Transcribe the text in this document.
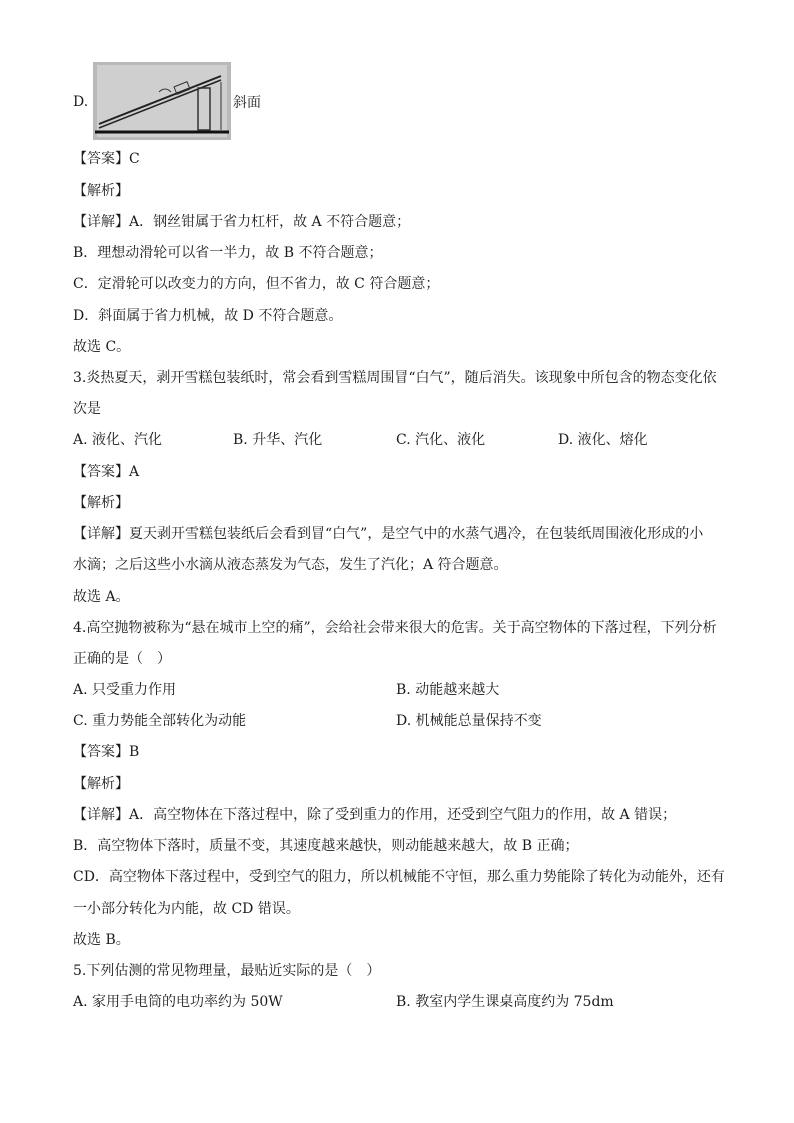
D.	斜面
【答案】C
【解析】
【详解】A．钢丝钳属于省力杠杆，故 A 不符合题意；
B．理想动滑轮可以省一半力，故 B 不符合题意；
C．定滑轮可以改变力的方向，但不省力，故 C 符合题意；
D．斜面属于省力机械，故 D 不符合题意。
故选 C。
3.炎热夏天，剥开雪糕包装纸时，常会看到雪糕周围冒“白气”，随后消失。该现象中所包含的物态变化依
次是
A. 液化、汽化	B. 升华、汽化	C. 汽化、液化	D. 液化、熔化
【答案】A
【解析】
【详解】夏天剥开雪糕包装纸后会看到冒“白气”，是空气中的水蒸气遇冷，在包装纸周围液化形成的小
水滴；之后这些小水滴从液态蒸发为气态，发生了汽化；A 符合题意。
故选 A。
4.高空抛物被称为“悬在城市上空的痛”，会给社会带来很大的危害。关于高空物体的下落过程，下列分析
正确的是（　）
A. 只受重力作用	B. 动能越来越大
C. 重力势能全部转化为动能	D. 机械能总量保持不变
【答案】B
【解析】
【详解】A．高空物体在下落过程中，除了受到重力的作用，还受到空气阻力的作用，故 A 错误；
B．高空物体下落时，质量不变，其速度越来越快，则动能越来越大，故 B 正确；
CD．高空物体下落过程中，受到空气的阻力，所以机械能不守恒，那么重力势能除了转化为动能外，还有
一小部分转化为内能，故 CD 错误。
故选 B。
5.下列估测的常见物理量，最贴近实际的是（　）
A. 家用手电筒的电功率约为 50W	B. 教室内学生课桌高度约为 75dm
